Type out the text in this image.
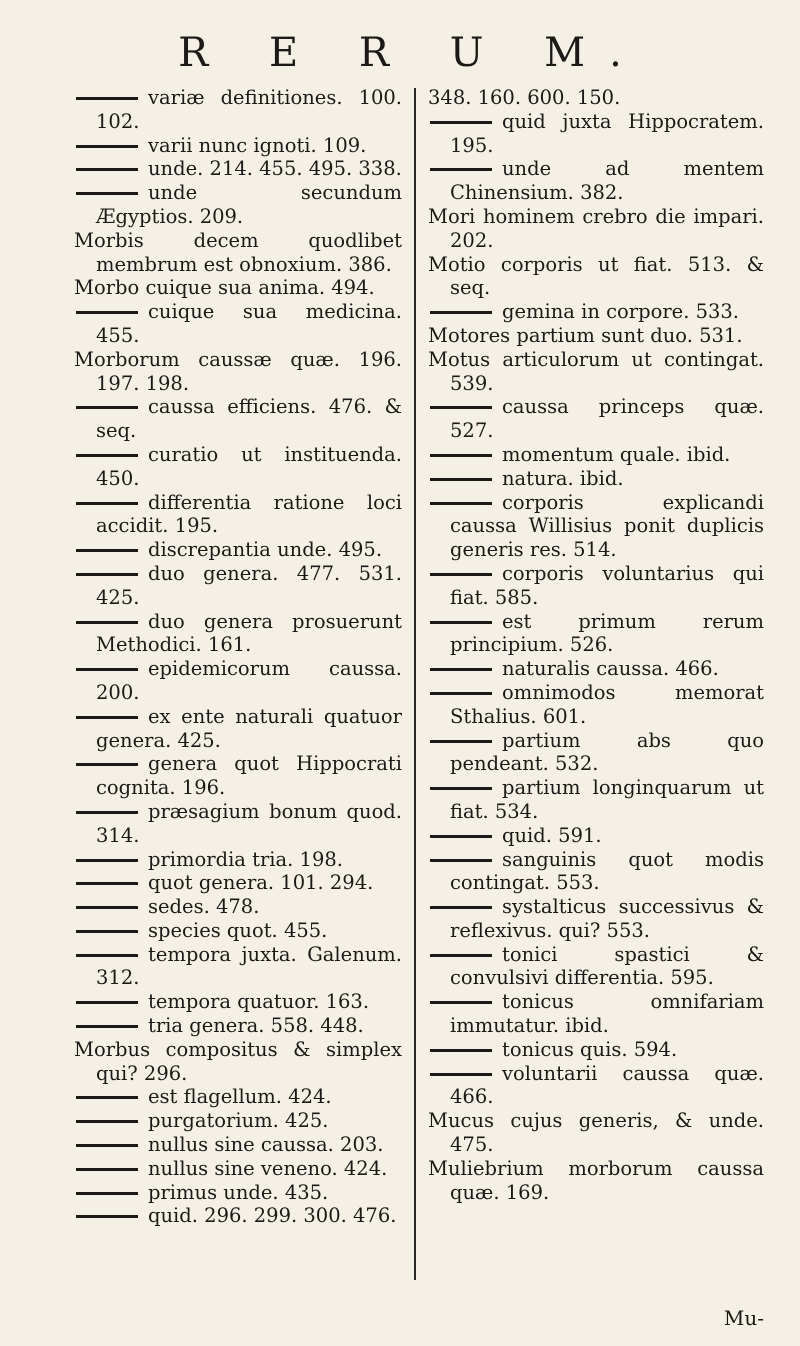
R E R U M.
variæ definitiones. 100. 102.
varii nunc ignoti. 109.
unde. 214. 455. 495. 338.
unde secundum Ægyptios. 209.
Morbis decem quodlibet membrum est obnoxium. 386.
Morbo cuique sua anima. 494.
cuique sua medicina. 455.
Morborum caussæ quæ. 196. 197. 198.
caussa efficiens. 476. & seq.
curatio ut instituenda. 450.
differentia ratione loci accidit. 195.
discrepantia unde. 495.
duo genera. 477. 531. 425.
duo genera prosuerunt Methodici. 161.
epidemicorum caussa. 200.
ex ente naturali quatuor genera. 425.
genera quot Hippocrati cognita. 196.
præsagium bonum quod. 314.
primordia tria. 198.
quot genera. 101. 294.
sedes. 478.
species quot. 455.
tempora juxta. Galenum. 312.
tempora quatuor. 163.
tria genera. 558. 448.
Morbus compositus & simplex qui? 296.
est flagellum. 424.
purgatorium. 425.
nullus sine caussa. 203.
nullus sine veneno. 424.
primus unde. 435.
quid. 296. 299. 300. 476.
348. 160. 600. 150.
quid juxta Hippocratem. 195.
unde ad mentem Chinensium. 382.
Mori hominem crebro die impari. 202.
Motio corporis ut fiat. 513. & seq.
gemina in corpore. 533.
Motores partium sunt duo. 531.
Motus articulorum ut contingat. 539.
caussa princeps quæ. 527.
momentum quale. ibid.
natura. ibid.
corporis explicandi caussa Willisius ponit duplicis generis res. 514.
corporis voluntarius qui fiat. 585.
est primum rerum principium. 526.
naturalis caussa. 466.
omnimodos memorat Sthalius. 601.
partium abs quo pendeant. 532.
partium longinquarum ut fiat. 534.
quid. 591.
sanguinis quot modis contingat. 553.
systalticus successivus & reflexivus. qui? 553.
tonici spastici & convulsivi differentia. 595.
tonicus omnifariam immutatur. ibid.
tonicus quis. 594.
voluntarii caussa quæ. 466.
Mucus cujus generis, & unde. 475.
Muliebrium morborum caussa quæ. 169.
Mu-
